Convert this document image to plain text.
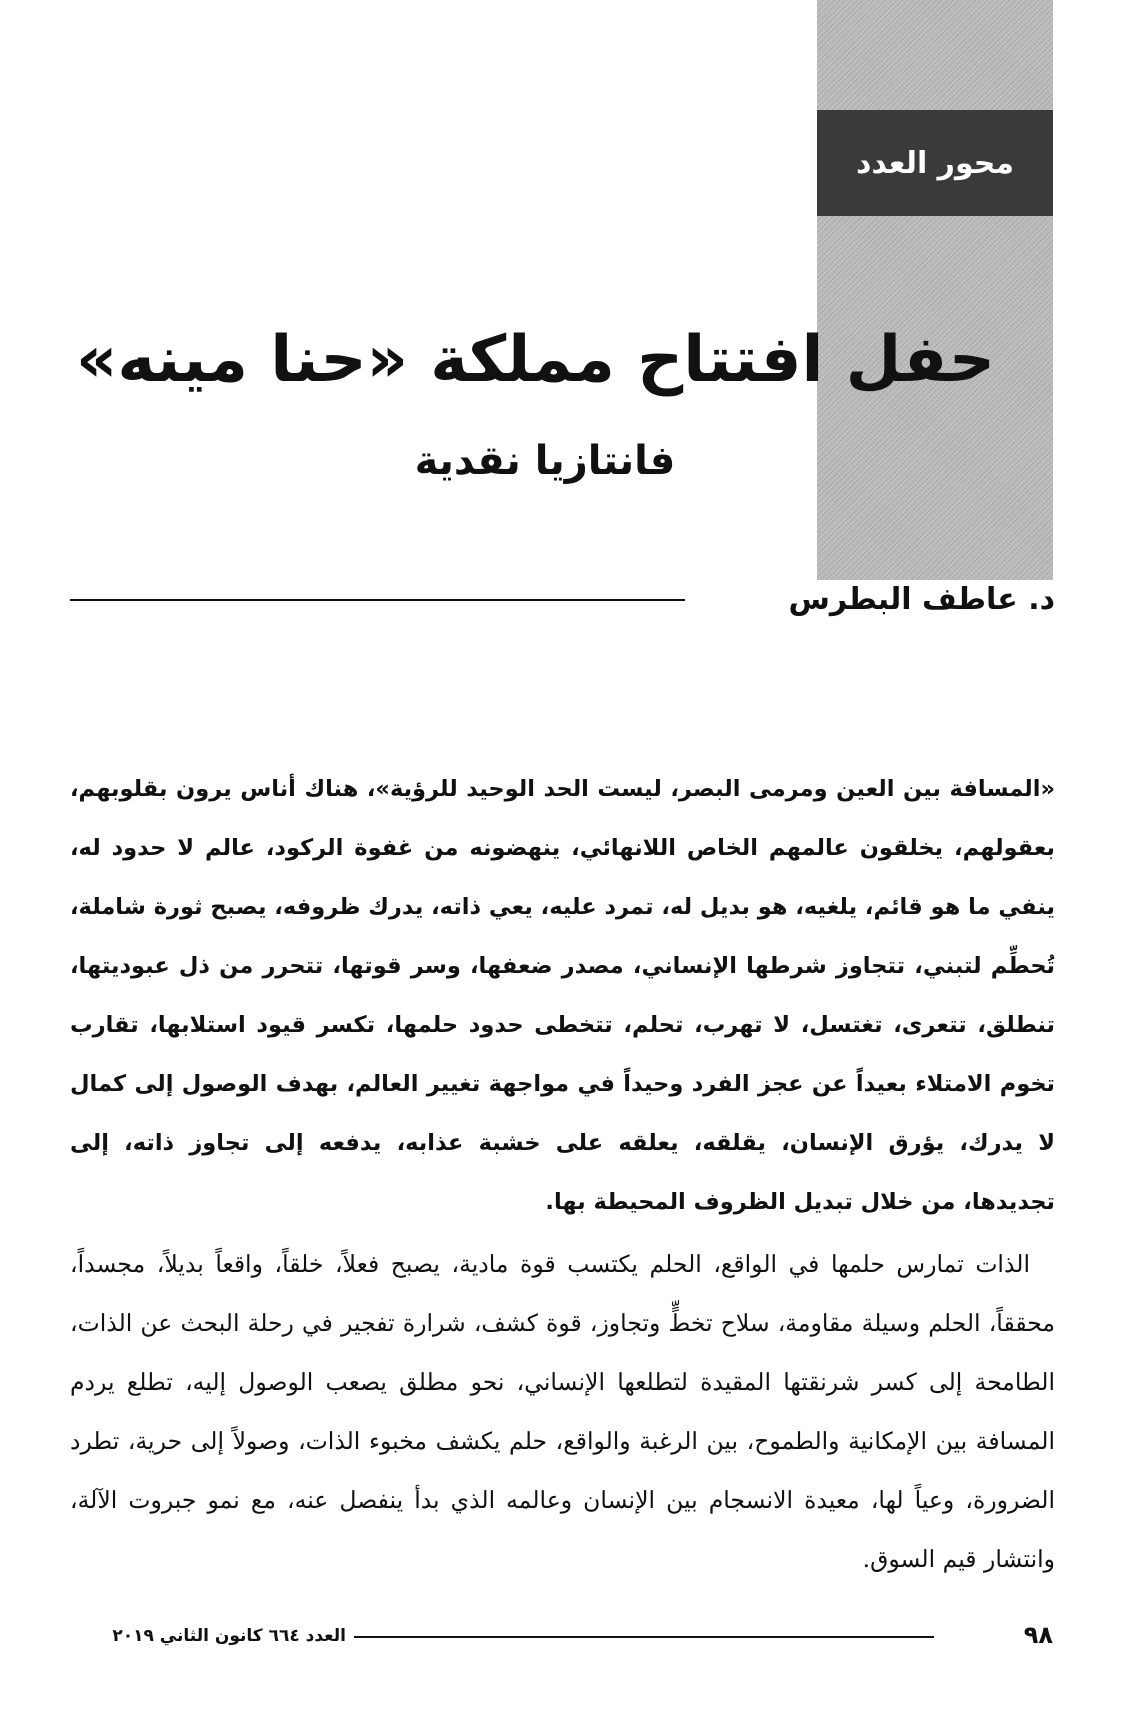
محور العدد
حفل افتتاح مملكة «حنا مينه»
فانتازيا نقدية
د. عاطف البطرس

«المسافة بين العين ومرمى البصر، ليست الحد الوحيد للرؤية»، هناك أناس يرون بقلوبهم، بعقولهم، يخلقون عالمهم الخاص اللانهائي، ينهضونه من غفوة الركود، عالم لا حدود له، ينفي ما هو قائم، يلغيه، هو بديل له، تمرد عليه، يعي ذاته، يدرك ظروفه، يصبح ثورة شاملة، تُحطِّم لتبني، تتجاوز شرطها الإنساني، مصدر ضعفها، وسر قوتها، تتحرر من ذل عبوديتها، تنطلق، تتعرى، تغتسل، لا تهرب، تحلم، تتخطى حدود حلمها، تكسر قيود استلابها، تقارب تخوم الامتلاء بعيداً عن عجز الفرد وحيداً في مواجهة تغيير العالم، بهدف الوصول إلى كمال لا يدرك، يؤرق الإنسان، يقلقه، يعلقه على خشبة عذابه، يدفعه إلى تجاوز ذاته، إلى تجديدها، من خلال تبديل الظروف المحيطة بها.

الذات تمارس حلمها في الواقع، الحلم يكتسب قوة مادية، يصبح فعلاً، خلقاً، واقعاً بديلاً، مجسداً، محققاً، الحلم وسيلة مقاومة، سلاح تخطٍّ وتجاوز، قوة كشف، شرارة تفجير في رحلة البحث عن الذات، الطامحة إلى كسر شرنقتها المقيدة لتطلعها الإنساني، نحو مطلق يصعب الوصول إليه، تطلع يردم المسافة بين الإمكانية والطموح، بين الرغبة والواقع، حلم يكشف مخبوء الذات، وصولاً إلى حرية، تطرد الضرورة، وعياً لها، معيدة الانسجام بين الإنسان وعالمه الذي بدأ ينفصل عنه، مع نمو جبروت الآلة، وانتشار قيم السوق.

٩٨
العدد ٦٦٤ كانون الثاني ٢٠١٩
